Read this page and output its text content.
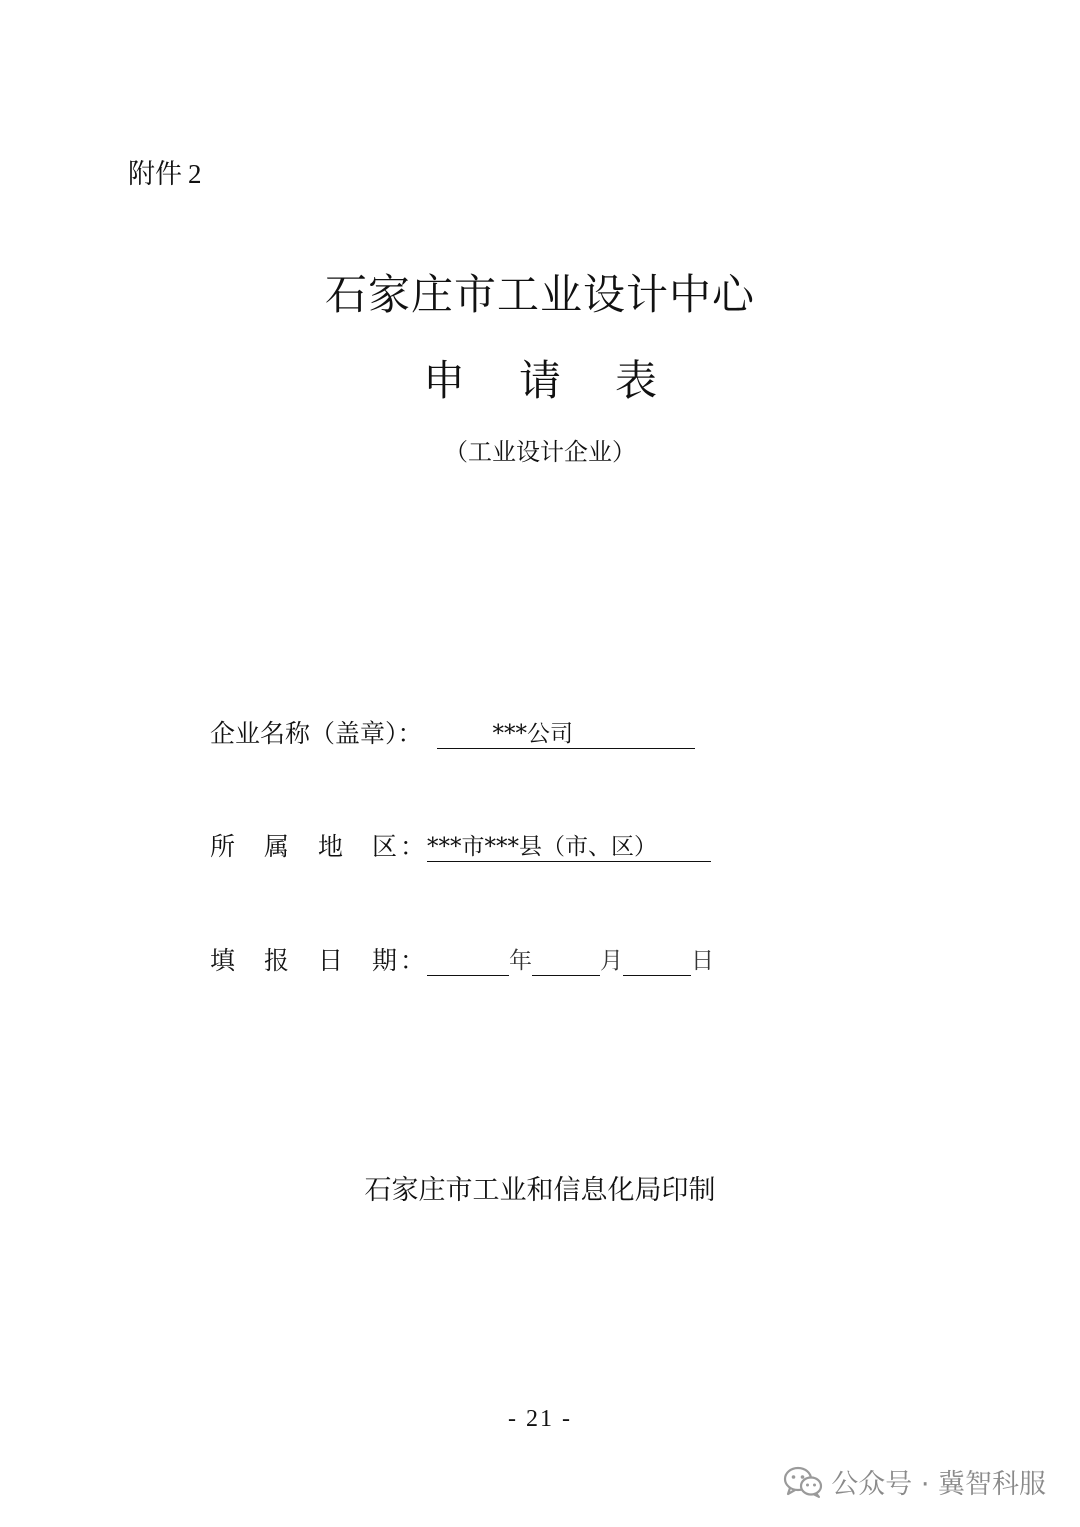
附件 2
石家庄市工业设计中心
申 请 表
（工业设计企业）
企业名称（盖章）：	***公司
所 属 地 区 ：***市***县（市、区）
填 报 日 期 ：	年	月	日
石家庄市工业和信息化局印制
- 21 -
公众号 · 冀智科服
